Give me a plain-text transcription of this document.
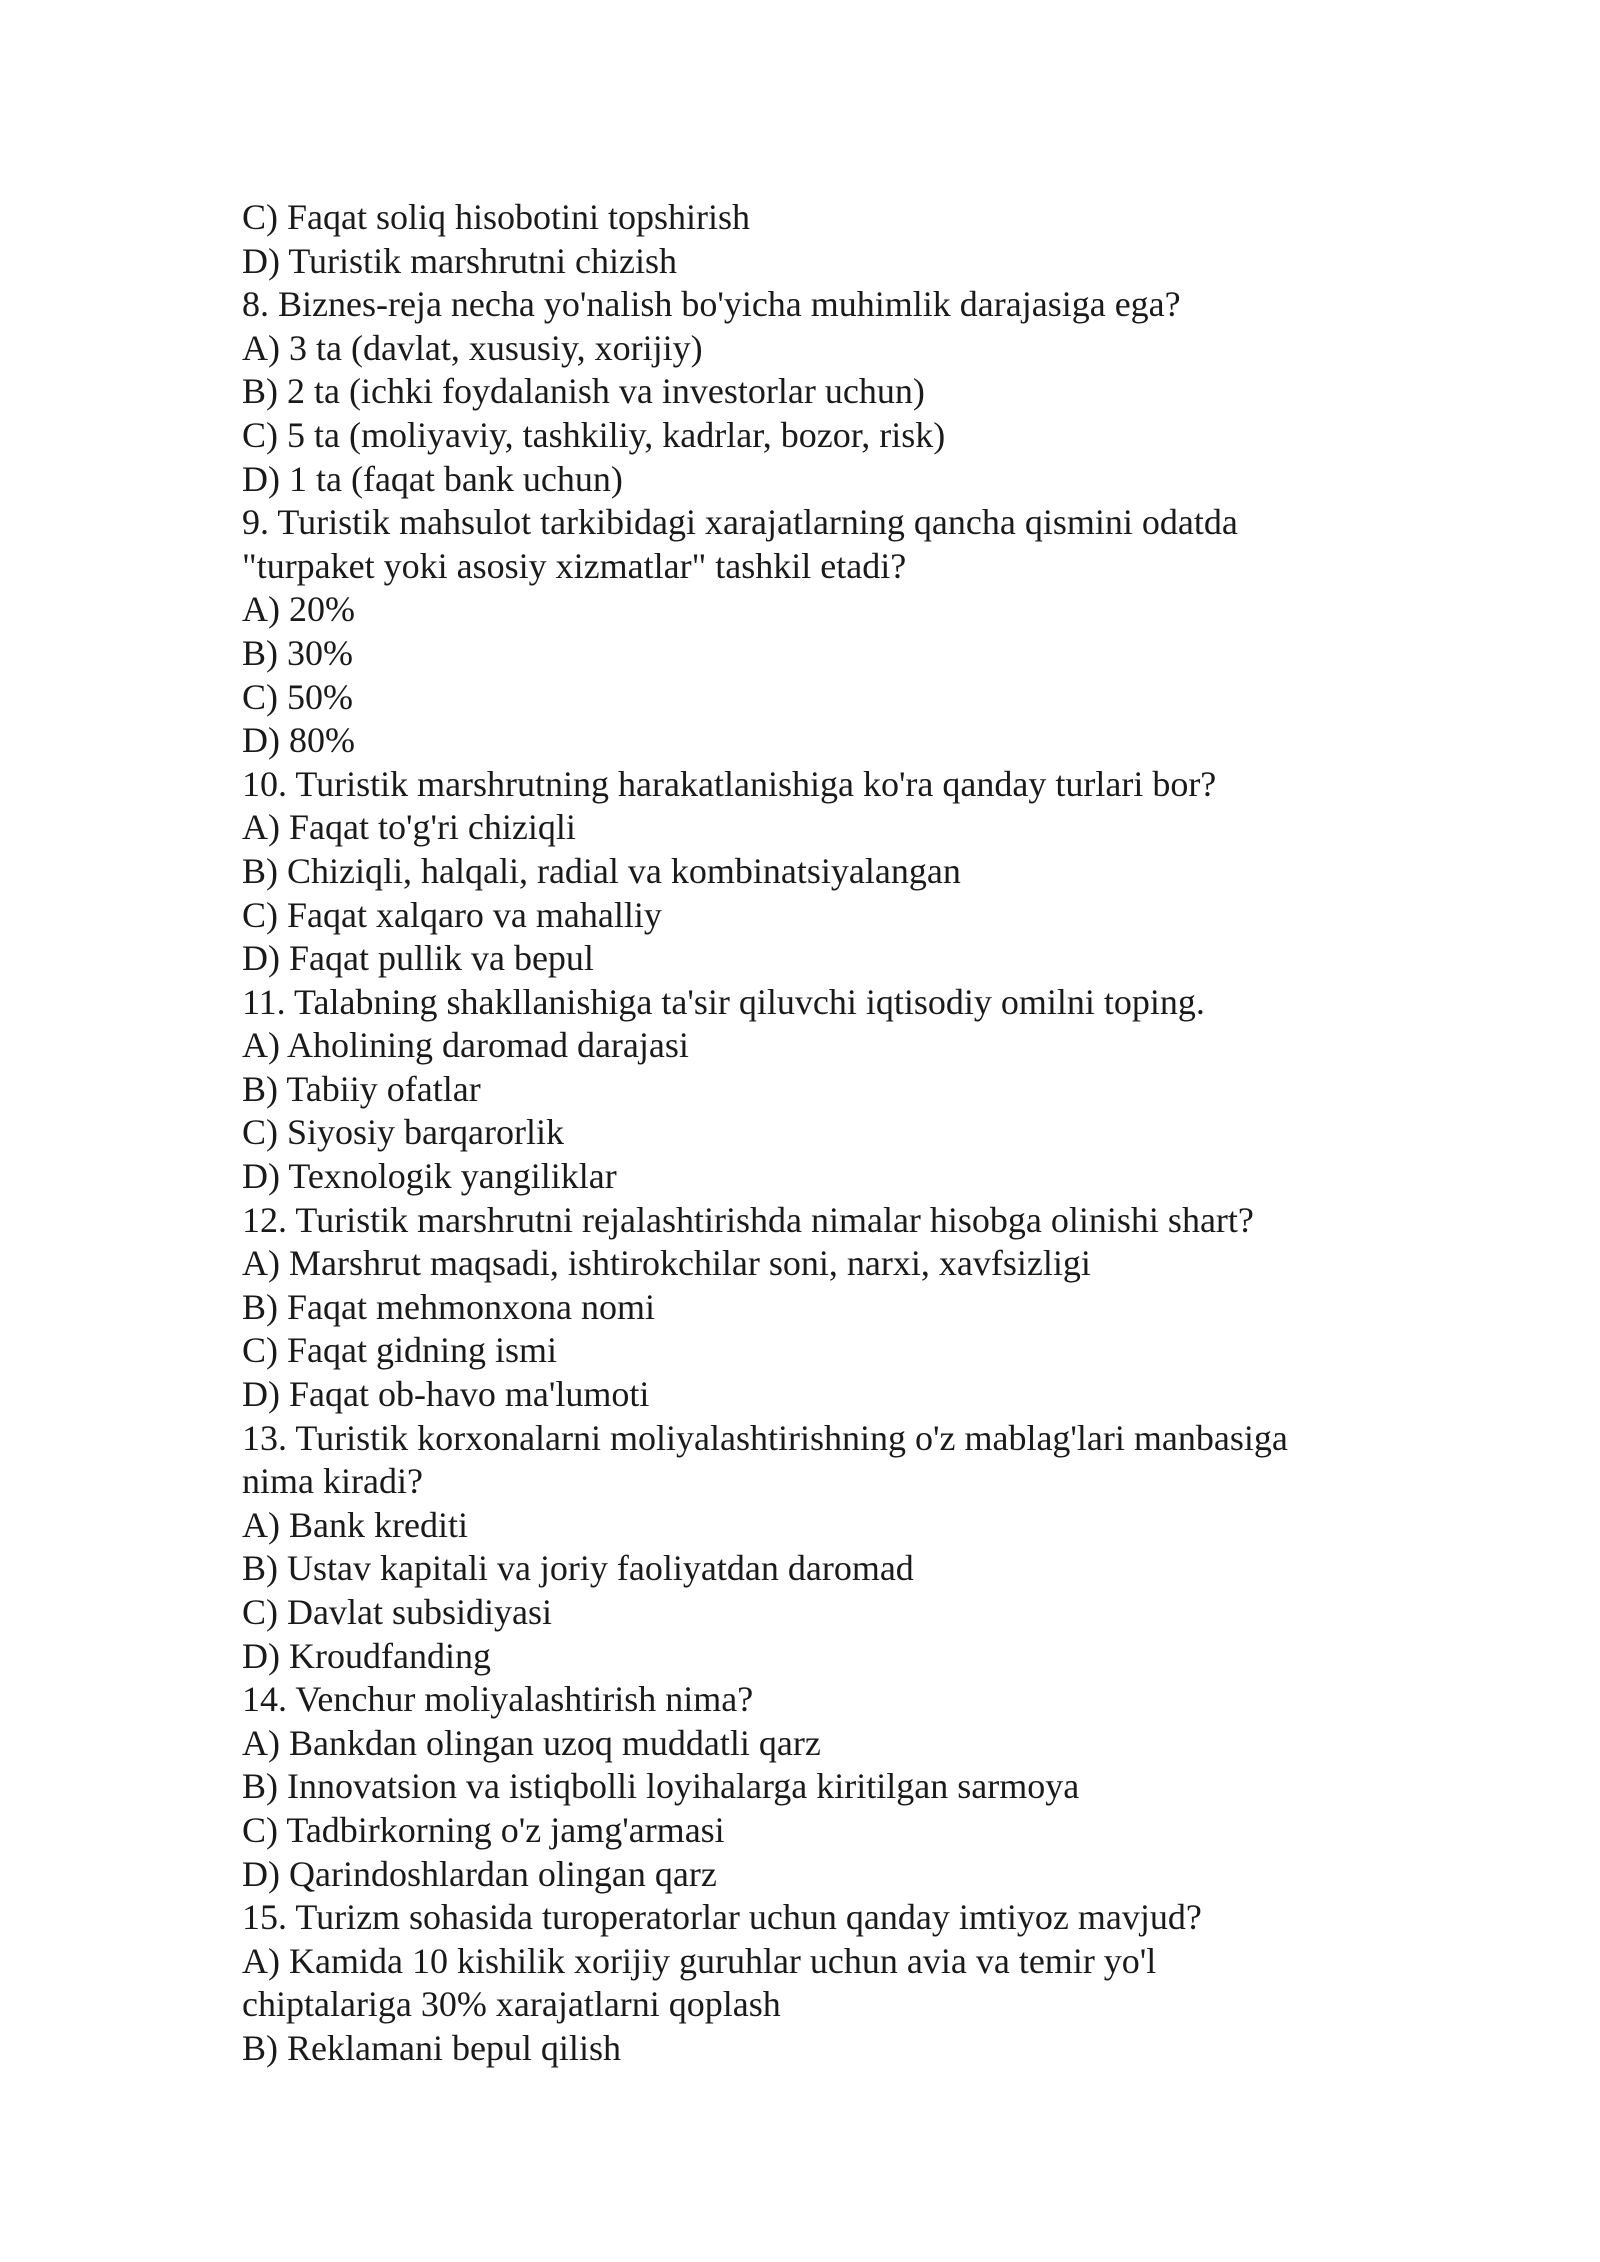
C) Faqat soliq hisobotini topshirish
D) Turistik marshrutni chizish
8. Biznes-reja necha yo'nalish bo'yicha muhimlik darajasiga ega?
A) 3 ta (davlat, xususiy, xorijiy)
B) 2 ta (ichki foydalanish va investorlar uchun)
C) 5 ta (moliyaviy, tashkiliy, kadrlar, bozor, risk)
D) 1 ta (faqat bank uchun)
9. Turistik mahsulot tarkibidagi xarajatlarning qancha qismini odatda
"turpaket yoki asosiy xizmatlar" tashkil etadi?
A) 20%
B) 30%
C) 50%
D) 80%
10. Turistik marshrutning harakatlanishiga ko'ra qanday turlari bor?
A) Faqat to'g'ri chiziqli
B) Chiziqli, halqali, radial va kombinatsiyalangan
C) Faqat xalqaro va mahalliy
D) Faqat pullik va bepul
11. Talabning shakllanishiga ta'sir qiluvchi iqtisodiy omilni toping.
A) Aholining daromad darajasi
B) Tabiiy ofatlar
C) Siyosiy barqarorlik
D) Texnologik yangiliklar
12. Turistik marshrutni rejalashtirishda nimalar hisobga olinishi shart?
A) Marshrut maqsadi, ishtirokchilar soni, narxi, xavfsizligi
B) Faqat mehmonxona nomi
C) Faqat gidning ismi
D) Faqat ob-havo ma'lumoti
13. Turistik korxonalarni moliyalashtirishning o'z mablag'lari manbasiga
nima kiradi?
A) Bank krediti
B) Ustav kapitali va joriy faoliyatdan daromad
C) Davlat subsidiyasi
D) Kroudfanding
14. Venchur moliyalashtirish nima?
A) Bankdan olingan uzoq muddatli qarz
B) Innovatsion va istiqbolli loyihalarga kiritilgan sarmoya
C) Tadbirkorning o'z jamg'armasi
D) Qarindoshlardan olingan qarz
15. Turizm sohasida turoperatorlar uchun qanday imtiyoz mavjud?
A) Kamida 10 kishilik xorijiy guruhlar uchun avia va temir yo'l
chiptalariga 30% xarajatlarni qoplash
B) Reklamani bepul qilish
